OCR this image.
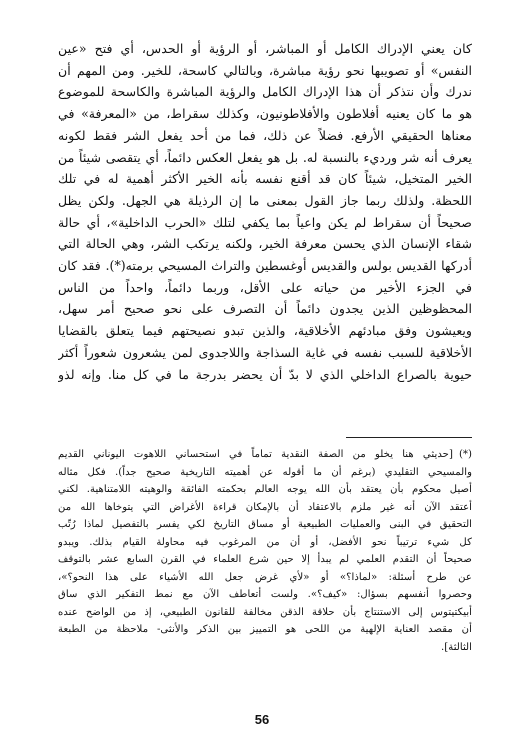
كان يعني الإدراك الكامل أو المباشر، أو الرؤية أو الحدس، أي فتح «عين
النفس» أو تصويبها نحو رؤية مباشرة، وبالتالي كاسحة، للخير. ومن المهم أن
ندرك وأن نتذكر أن هذا الإدراك الكامل والرؤية المباشرة والكاسحة للموضوع
هو ما كان يعنيه أفلاطون والأفلاطونيون، وكذلك سقراط، من «المعرفة» في
معناها الحقيقي الأرفع. فضلاً عن ذلك، فما من أحد يفعل الشر فقط لكونه
يعرف أنه شر ورديء بالنسبة له. بل هو يفعل العكس دائماً، أي يتقصى شيئاً من
الخير المتخيل، شيئاً كان قد أقنع نفسه بأنه الخير الأكثر أهمية له في تلك
اللحظة. ولذلك ربما جاز القول بمعنى ما إن الرذيلة هي الجهل. ولكن يظل
صحيحاً أن سقراط لم يكن واعياً بما يكفي لتلك «الحرب الداخلية»، أي حالة
شقاء الإنسان الذي يحسن معرفة الخير، ولكنه يرتكب الشر، وهي الحالة التي
أدركها القديس بولس والقديس أوغسطين والتراث المسيحي برمته(*). فقد كان
في الجزء الأخير من حياته على الأقل، وربما دائماً، واحداً من الناس
المحظوظين الذين يجدون دائماً أن التصرف على نحو صحيح أمر سهل،
ويعيشون وفق مبادئهم الأخلاقية، والذين تبدو نصيحتهم فيما يتعلق بالقضايا
الأخلاقية للسبب نفسه في غاية السذاجة واللاجدوى لمن يشعرون شعوراً أكثر
حيوية بالصراع الداخلي الذي لا بدّ أن يحضر بدرجة ما في كل منا. وإنه لذو
(*)[حديثي هنا يخلو من الصفة النقدية تماماً في استحساني اللاهوت اليوناني القديم
والمسيحي التقليدي (برغم أن ما أقوله عن أهميته التاريخية صحيح جداً). فكل مثاله
أصيل محكوم بأن يعتقد بأن الله يوجه العالم بحكمته الفائقة والوهيته اللامتناهية. لكني
أعتقد الآن أنه غير ملزم بالاعتقاد أن بالإمكان قراءة الأغراض التي يتوخاها الله من
التحقيق في البنى والعمليات الطبيعية أو مساق التاريخ لكي يفسر بالتفصيل لماذا رُتّب
كل شيء ترتيباً نحو الأفضل، أو أن من المرغوب فيه محاولة القيام بذلك. ويبدو
صحيحاً أن التقدم العلمي لم يبدأ إلا حين شرع العلماء في القرن السابع عشر بالتوقف
عن طرح أسئلة: «لماذا؟» أو «لأي غرض جعل الله الأشياء على هذا النحو؟»،
وحصروا أنفسهم بسؤال: «كيف؟». ولست أتعاطف الآن مع نمط التفكير الذي ساق
أبيكتيتوس إلى الاستنتاج بأن حلاقة الذقن مخالفة للقانون الطبيعي، إذ من الواضح عنده
أن مقصد العناية الإلهية من اللحى هو التمييز بين الذكر والأنثى- ملاحظة من الطبعة
الثالثة].
56
